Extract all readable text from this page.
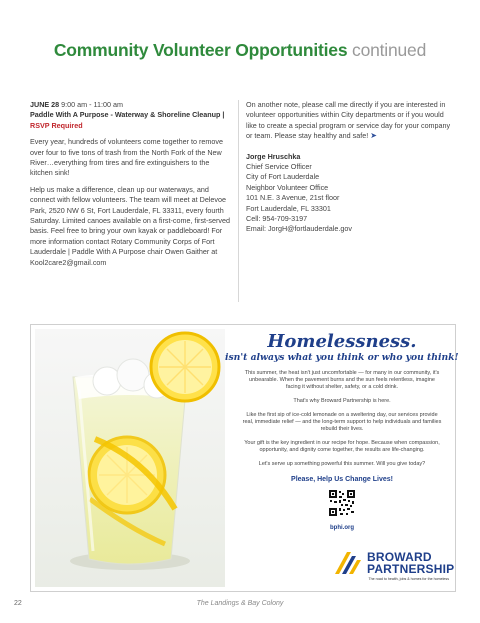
Community Volunteer Opportunities continued
JUNE 28 9:00 am - 11:00 am
Paddle With A Purpose - Waterway & Shoreline Cleanup |
RSVP Required

Every year, hundreds of volunteers come together to remove over four to five tons of trash from the North Fork of the New River…everything from tires and fire extinguishers to the kitchen sink!

Help us make a difference, clean up our waterways, and connect with fellow volunteers. The team will meet at Delevoe Park, 2520 NW 6 St, Fort Lauderdale, FL 33311, every fourth Saturday. Limited canoes available on a first-come, first-served basis. Feel free to bring your own kayak or paddleboard! For more information contact Rotary Community Corps of Fort Lauderdale | Paddle With A Purpose chair Owen Gaither at Kool2care2@gmail.com

On another note, please call me directly if you are interested in volunteer opportunities within City departments or if you would like to create a special program or service day for your company or team. Please stay healthy and safe! ➤

Jorge Hruschka
Chief Service Officer
City of Fort Lauderdale
Neighbor Volunteer Office
101 N.E. 3 Avenue, 21st floor
Fort Lauderdale, FL 33301
Cell: 954-709-3197
Email: JorgH@fortlauderdale.gov
Homelessness.
isn't always what you think or who you think!
This summer, the heat isn't just uncomfortable — for many in our community, it's unbearable. When the pavement burns and the sun feels relentless, imagine facing it without shelter, safety, or a cold drink.
That's why Broward Partnership is here.
Like the first sip of ice-cold lemonade on a sweltering day, our services provide real, immediate relief — and the long-term support to help individuals and families rebuild their lives.
Your gift is the key ingredient in our recipe for hope. Because when compassion, opportunity, and dignity come together, the results are life-changing.
Let's serve up something powerful this summer. Will you give today?
Please, Help Us Change Lives!
bphi.org
BROWARD
PARTNERSHIP
The road to health, jobs & homes for the homeless
22	The Landings & Bay Colony
